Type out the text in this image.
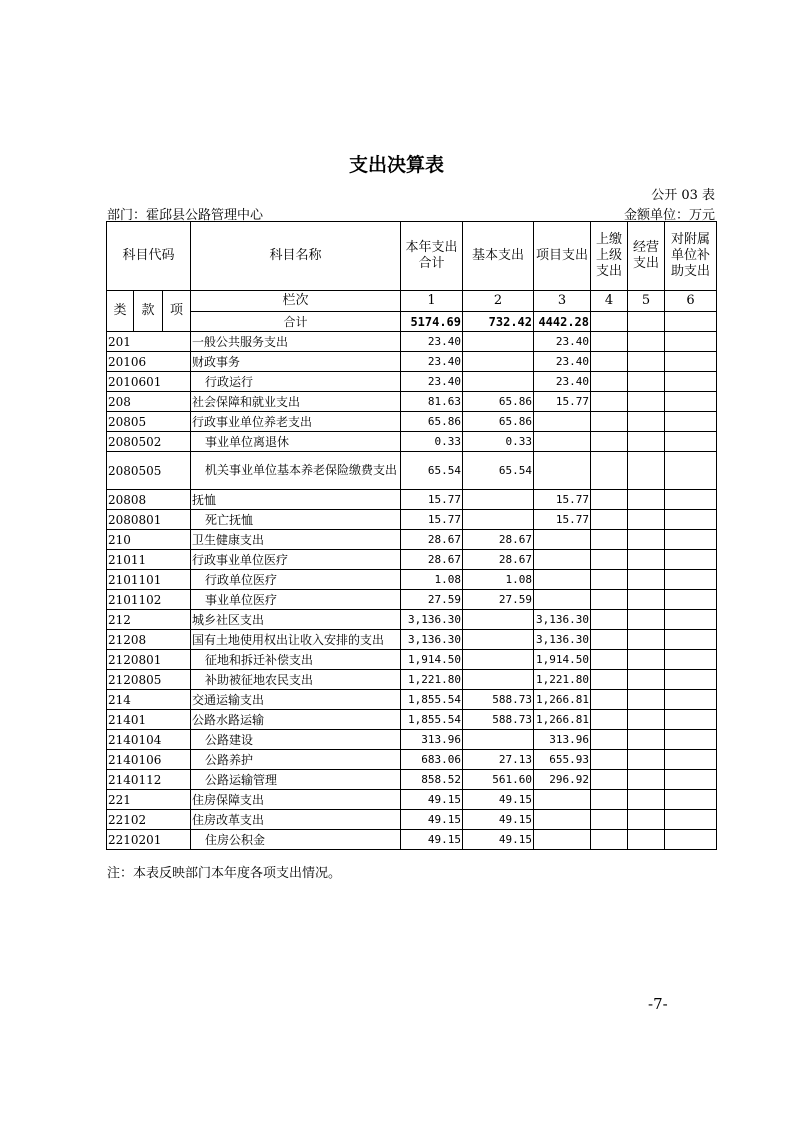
支出决算表
公开 03 表
部门：霍邱县公路管理中心	金额单位：万元
科目代码			科目名称	本年支出合计	基本支出	项目支出	上缴上级支出	经营支出	对附属单位补助支出
类	款	项	栏次	1	2	3	4	5	6
			合计	5174.69	732.42	4442.28			
201			一般公共服务支出	23.40		23.40			
20106			财政事务	23.40		23.40			
2010601			行政运行	23.40		23.40			
208			社会保障和就业支出	81.63	65.86	15.77			
20805			行政事业单位养老支出	65.86	65.86				
2080502			事业单位离退休	0.33	0.33				
2080505			机关事业单位基本养老保险缴费支出	65.54	65.54				
20808			抚恤	15.77		15.77			
2080801			死亡抚恤	15.77		15.77			
210			卫生健康支出	28.67	28.67				
21011			行政事业单位医疗	28.67	28.67				
2101101			行政单位医疗	1.08	1.08				
2101102			事业单位医疗	27.59	27.59				
212			城乡社区支出	3,136.30		3,136.30			
21208			国有土地使用权出让收入安排的支出	3,136.30		3,136.30			
2120801			征地和拆迁补偿支出	1,914.50		1,914.50			
2120805			补助被征地农民支出	1,221.80		1,221.80			
214			交通运输支出	1,855.54	588.73	1,266.81			
21401			公路水路运输	1,855.54	588.73	1,266.81			
2140104			公路建设	313.96		313.96			
2140106			公路养护	683.06	27.13	655.93			
2140112			公路运输管理	858.52	561.60	296.92			
221			住房保障支出	49.15	49.15				
22102			住房改革支出	49.15	49.15				
2210201			住房公积金	49.15	49.15				
注：本表反映部门本年度各项支出情况。
-7-
